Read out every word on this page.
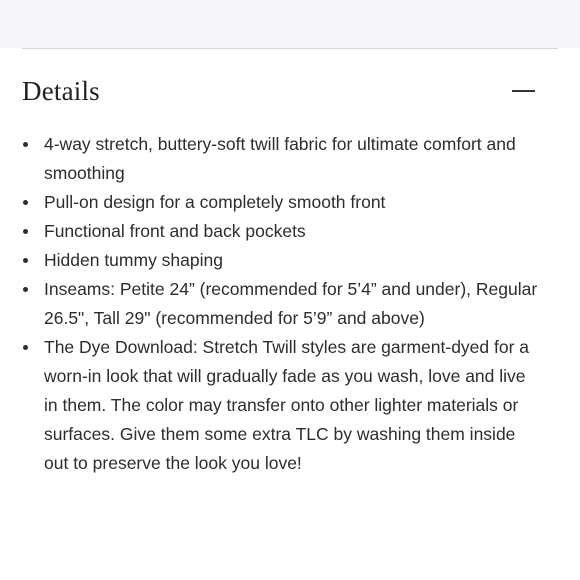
Details
4-way stretch, buttery-soft twill fabric for ultimate comfort and smoothing
Pull-on design for a completely smooth front
Functional front and back pockets
Hidden tummy shaping
Inseams: Petite 24” (recommended for 5’4” and under), Regular 26.5", Tall 29" (recommended for 5’9” and above)
The Dye Download: Stretch Twill styles are garment-dyed for a worn-in look that will gradually fade as you wash, love and live in them. The color may transfer onto other lighter materials or surfaces. Give them some extra TLC by washing them inside out to preserve the look you love!
